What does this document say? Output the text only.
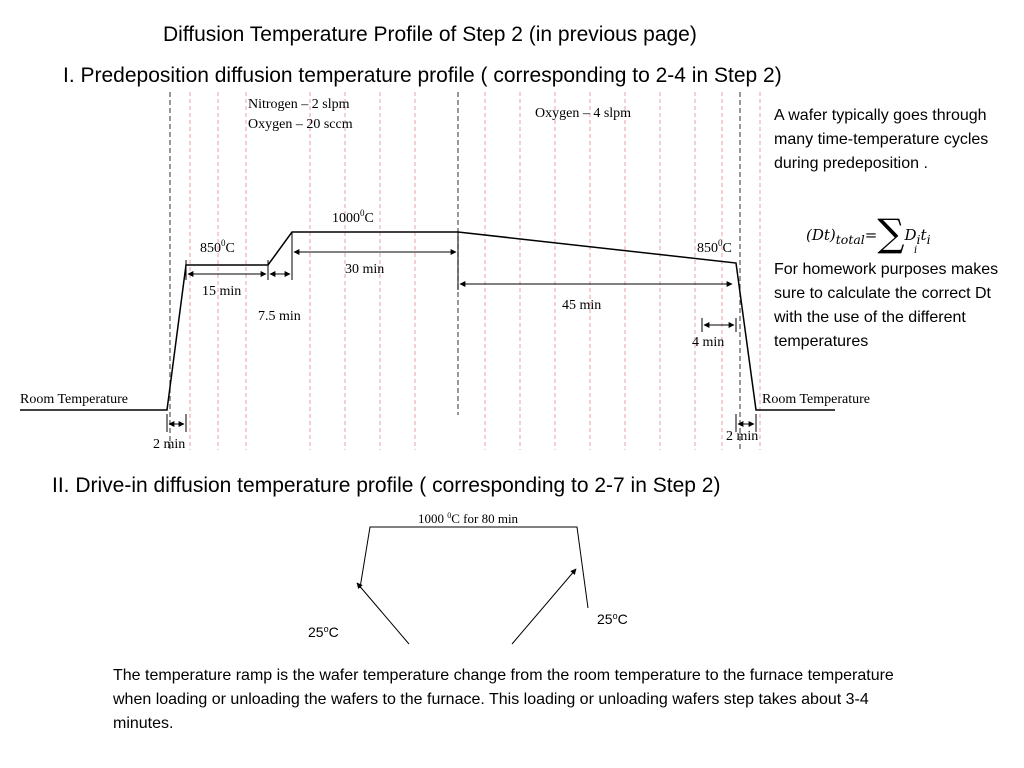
Diffusion Temperature Profile of Step 2 (in previous page)
I. Predeposition diffusion temperature profile ( corresponding to 2-4 in Step 2)
Nitrogen – 2 slpm
Oxygen – 20 sccm
Oxygen – 4 slpm
$850^0C$
1000$^0$C
$850^0C$
Room Temperature	Room Temperature
15 min
7.5 min
30 min
45 min
4 min
2 min
2 min
1000 $^0$C for 80 min
25$^o$C
25$^o$C
A wafer typically goes through many time-temperature cycles during predeposition .
$(Dt)_{total}=\sum D_it_i$
i
For homework purposes makes sure to calculate the correct Dt with the use of the different temperatures
II. Drive-in diffusion temperature profile ( corresponding to 2-7 in Step 2)
The temperature ramp is the wafer temperature change from the room temperature to the furnace temperature when loading or unloading the wafers to the furnace. This loading or unloading wafers step takes about 3-4 minutes.
